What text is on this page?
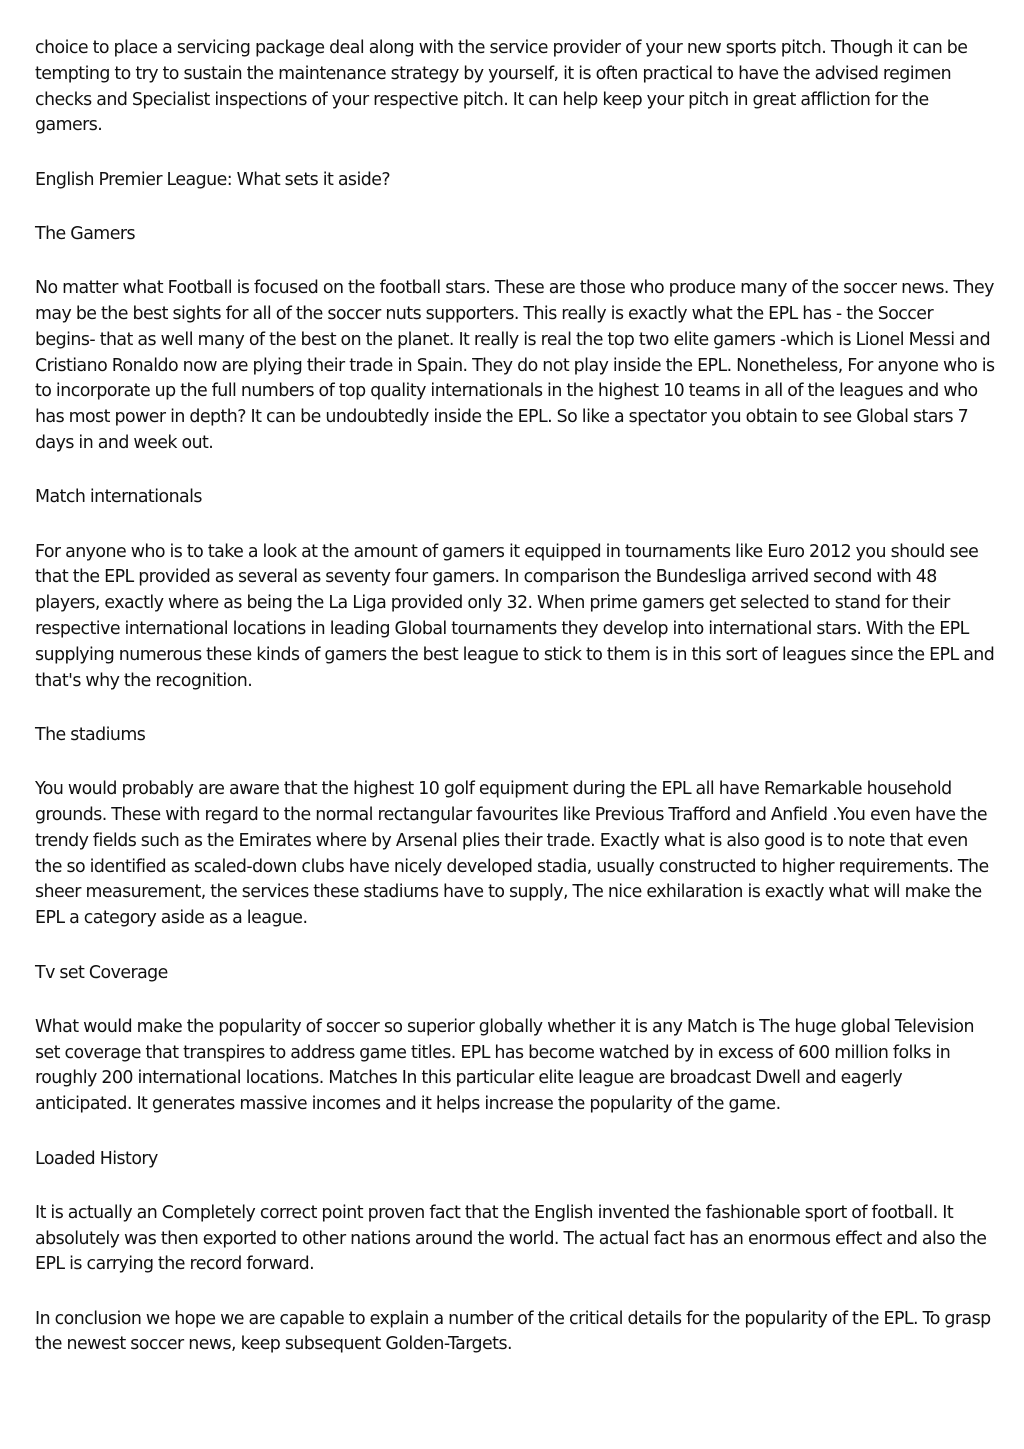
choice to place a servicing package deal along with the service provider of your new sports pitch. Though it can be tempting to try to sustain the maintenance strategy by yourself, it is often practical to have the advised regimen checks and Specialist inspections of your respective pitch. It can help keep your pitch in great affliction for the gamers.

English Premier League: What sets it aside?

The Gamers

No matter what Football is focused on the football stars. These are those who produce many of the soccer news. They may be the best sights for all of the soccer nuts supporters. This really is exactly what the EPL has - the Soccer begins- that as well many of the best on the planet. It really is real the top two elite gamers -which is Lionel Messi and Cristiano Ronaldo now are plying their trade in Spain. They do not play inside the EPL. Nonetheless, For anyone who is to incorporate up the full numbers of top quality internationals in the highest 10 teams in all of the leagues and who has most power in depth? It can be undoubtedly inside the EPL. So like a spectator you obtain to see Global stars 7 days in and week out.

Match internationals

For anyone who is to take a look at the amount of gamers it equipped in tournaments like Euro 2012 you should see that the EPL provided as several as seventy four gamers. In comparison the Bundesliga arrived second with 48 players, exactly where as being the La Liga provided only 32. When prime gamers get selected to stand for their respective international locations in leading Global tournaments they develop into international stars. With the EPL supplying numerous these kinds of gamers the best league to stick to them is in this sort of leagues since the EPL and that's why the recognition.

The stadiums

You would probably are aware that the highest 10 golf equipment during the EPL all have Remarkable household grounds. These with regard to the normal rectangular favourites like Previous Trafford and Anfield .You even have the trendy fields such as the Emirates where by Arsenal plies their trade. Exactly what is also good is to note that even the so identified as scaled-down clubs have nicely developed stadia, usually constructed to higher requirements. The sheer measurement, the services these stadiums have to supply, The nice exhilaration is exactly what will make the EPL a category aside as a league.

Tv set Coverage

What would make the popularity of soccer so superior globally whether it is any Match is The huge global Television set coverage that transpires to address game titles. EPL has become watched by in excess of 600 million folks in roughly 200 international locations. Matches In this particular elite league are broadcast Dwell and eagerly anticipated. It generates massive incomes and it helps increase the popularity of the game.

Loaded History

It is actually an Completely correct point proven fact that the English invented the fashionable sport of football. It absolutely was then exported to other nations around the world. The actual fact has an enormous effect and also the EPL is carrying the record forward.

In conclusion we hope we are capable to explain a number of the critical details for the popularity of the EPL. To grasp the newest soccer news, keep subsequent Golden-Targets.
